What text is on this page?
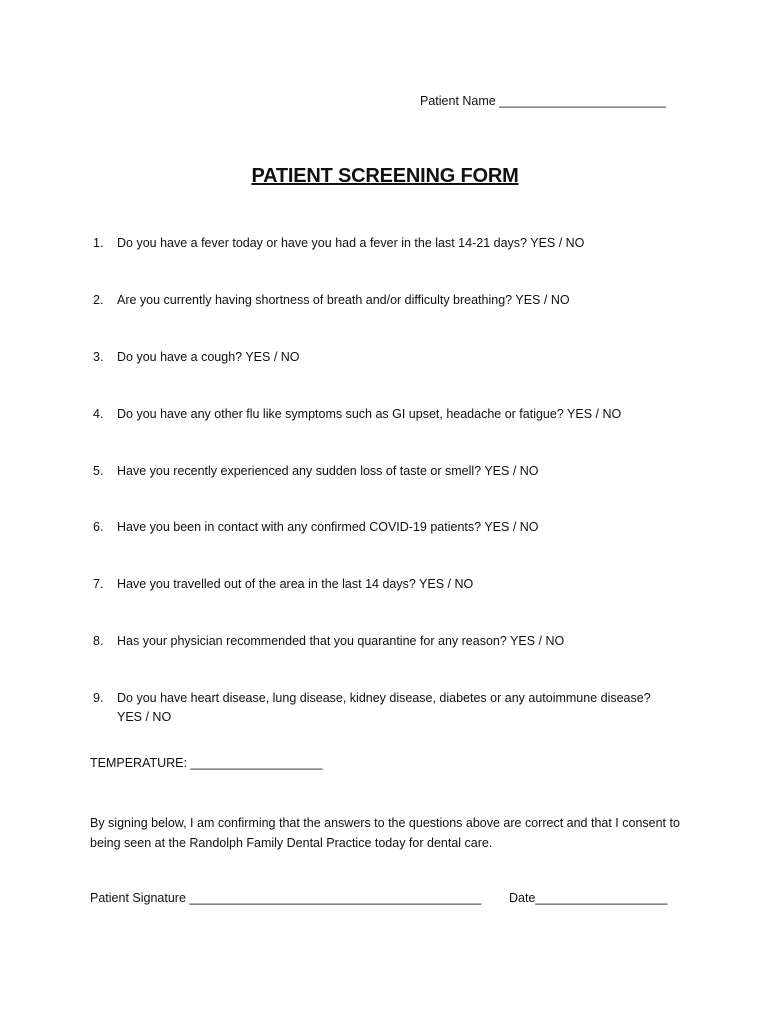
Patient Name ________________________
PATIENT SCREENING FORM
1. Do you have a fever today or have you had a fever in the last 14-21 days? YES / NO
2. Are you currently having shortness of breath and/or difficulty breathing? YES / NO
3. Do you have a cough? YES / NO
4. Do you have any other flu like symptoms such as GI upset, headache or fatigue? YES / NO
5. Have you recently experienced any sudden loss of taste or smell? YES / NO
6. Have you been in contact with any confirmed COVID-19 patients? YES / NO
7. Have you travelled out of the area in the last 14 days? YES / NO
8. Has your physician recommended that you quarantine for any reason? YES / NO
9. Do you have heart disease, lung disease, kidney disease, diabetes or any autoimmune disease? YES / NO
TEMPERATURE: ___________________
By signing below, I am confirming that the answers to the questions above are correct and that I consent to being seen at the Randolph Family Dental Practice today for dental care.
Patient Signature __________________________________________ Date___________________
